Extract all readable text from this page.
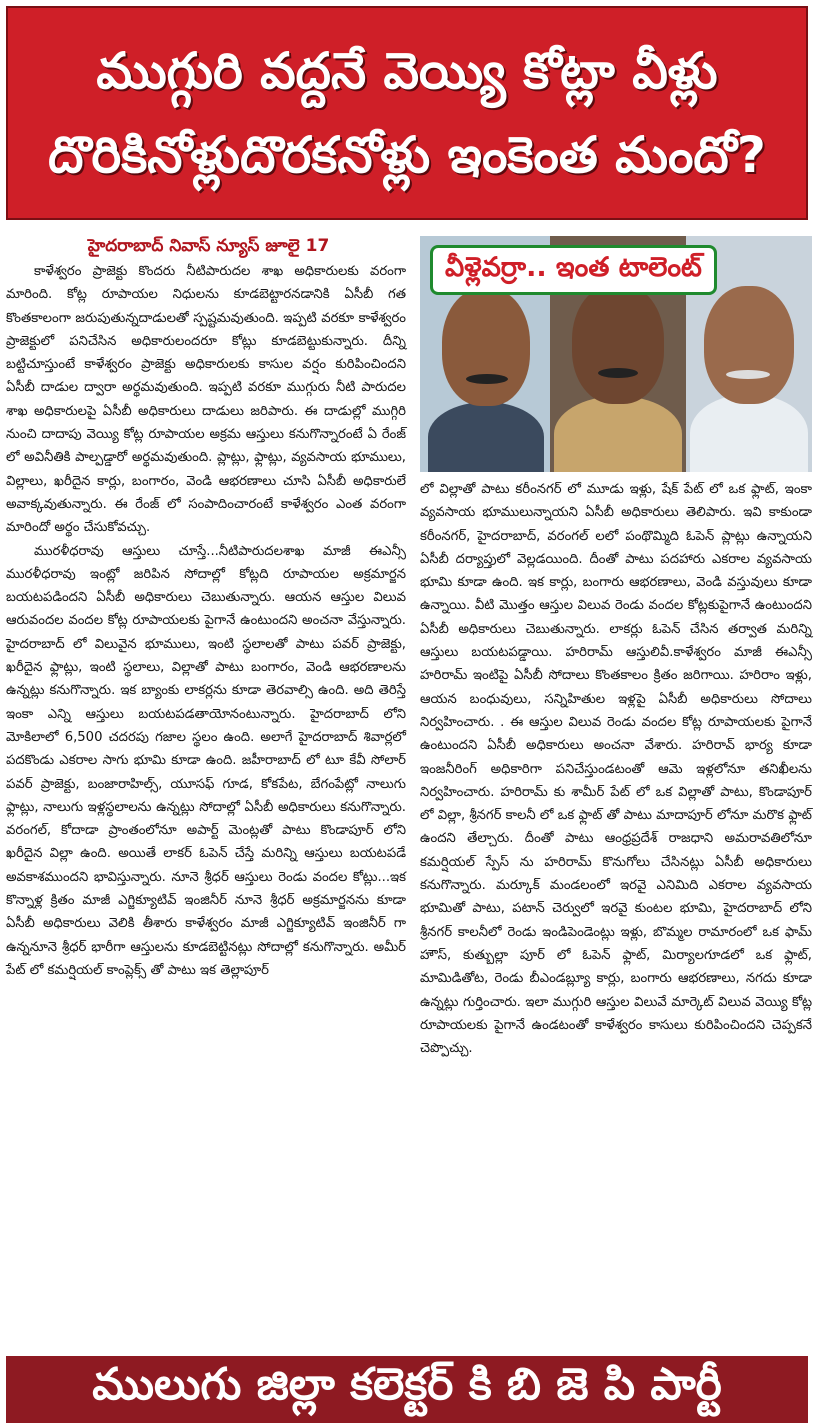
ముగ్గురి వద్దనే వెయ్యి కోట్లా వీళ్లు
దొరికినోళ్లుదొరకనోళ్లు ఇంకెంత మందో?
హైదరాబాద్ నివాస్ న్యూస్ జూలై 17

కాళేశ్వరం ప్రాజెక్టు కొందరు నీటిపారుదల శాఖ అధికారులకు వరంగా మారింది. కోట్ల రూపాయల నిధులను కూడబెట్టారనడానికి ఏసీబీ గత కొంతకాలంగా జరుపుతున్నదాడులతో స్పష్టమవుతుంది. ఇప్పటి వరకూ కాళేశ్వరం ప్రాజెక్టులో పనిచేసిన అధికారులందరూ కోట్లు కూడబెట్టుకున్నారు. దీన్ని బట్టిచూస్తుంటే కాళేశ్వరం ప్రాజెక్టు అధికారులకు కాసుల వర్షం కురిపించిందని ఏసీబీ దాడుల ద్వారా అర్థమవుతుంది. ఇప్పటి వరకూ ముగ్గురు నీటి పారుదల శాఖ అధికారులపై ఏసీబీ అధికారులు దాడులు జరిపారు. ఈ దాడుల్లో ముగ్గిరి నుంచి దాదాపు వెయ్యి కోట్ల రూపాయల అక్రమ ఆస్తులు కనుగొన్నారంటే ఏ రేంజ్ లో అవినీతికి పాల్పడ్డారో అర్థమవుతుంది. ప్లాట్లు, ఫ్లాట్లు, వ్యవసాయ భూములు, విల్లాలు, ఖరీదైన కార్లు, బంగారం, వెండి ఆభరణాలు చూసి ఏసీబీ అధికారులే అవాక్కవుతున్నారు. ఈ రేంజ్ లో సంపాదించారంటే కాళేశ్వరం ఎంత వరంగా మారిందో అర్థం చేసుకోవచ్చు.

మురళీధరావు ఆస్తులు చూస్తే...నీటిపారుదలశాఖ మాజీ ఈఎన్సీ మురళీధరావు ఇంట్లో జరిపిన సోదాల్లో కోట్లది రూపాయల అక్రమార్జన బయటపడిందని ఏసీబీ అధికారులు చెబుతున్నారు. ఆయన ఆస్తుల విలువ ఆరువందల వందల కోట్ల రూపాయలకు పైగానే ఉంటుందని అంచనా వేస్తున్నారు. హైదరాబాద్ లో విలువైన భూములు, ఇంటి స్థలాలతో పాటు పవర్ ప్రాజెక్టు, ఖరీదైన ఫ్లాట్లు, ఇంటి స్థలాలు, విల్లాతో పాటు బంగారం, వెండి ఆభరణాలను ఉన్నట్లు కనుగొన్నారు. ఇక బ్యాంకు లాకర్లను కూడా తెరవాల్సి ఉంది. అది తెరిస్తే ఇంకా ఎన్ని ఆస్తులు బయటపడతాయోనంటున్నారు. హైదరాబాద్ లోని మోకిలాలో 6,500 చదరపు గజాల స్థలం ఉంది. అలాగే హైదరాబాద్ శివార్లలో పదకొండు ఎకరాల సాగు భూమి కూడా ఉంది. జహీరాబాద్ లో టూ కేవీ సోలార్ పవర్ ప్రాజెక్టు, బంజారాహిల్స్, యూసఫ్ గూడ, కోకపేట, బేగంపేట్లో నాలుగు ఫ్లాట్లు, నాలుగు ఇళ్లస్థలాలను ఉన్నట్లు సోదాల్లో ఏసీబీ అధికారులు కనుగొన్నారు. వరంగల్, కోదాడా ప్రాంతంలోనూ అపార్ట్ మెంట్లతో పాటు కొండాపూర్ లోని ఖరీదైన విల్లా ఉంది. అయితే లాకర్ ఓపెన్ చేస్తే మరిన్ని ఆస్తులు బయటపడే అవకాశముందని భావిస్తున్నారు. నూనె శ్రీధర్ ఆస్తులు రెండు వందల కోట్లు...ఇక కొన్నాళ్ల క్రితం మాజీ ఎగ్జిక్యూటివ్ ఇంజినీర్ నూనె శ్రీధర్ అక్రమార్జనను కూడా ఏసీబీ అధికారులు వెలికి తీశారు కాళేశ్వరం మాజీ ఎగ్జిక్యూటివ్ ఇంజినీర్ గా ఉన్ననూనె శ్రీధర్ భారీగా ఆస్తులను కూడబెట్టినట్లు సోదాల్లో కనుగొన్నారు. అమీర్ పేట్ లో కమర్షియల్ కాంప్లెక్స్ తో పాటు ఇక తెల్లాపూర్

వీళ్లెవర్రా.. ఇంత టాలెంట్

లో విల్లాతో పాటు కరీంనగర్ లో మూడు ఇళ్లు, షేక్ పేట్ లో ఒక ఫ్లాట్, ఇంకా వ్యవసాయ భూములున్నాయని ఏసీబీ అధికారులు తెలిపారు. ఇవి కాకుండా కరీంనగర్, హైదరాబాద్, వరంగల్ లలో పంథొమ్మిది ఓపెన్ ప్లాట్లు ఉన్నాయని ఏసీబీ దర్యాప్తులో వెల్లడయింది. దీంతో పాటు పదహారు ఎకరాల వ్యవసాయ భూమి కూడా ఉంది. ఇక కార్లు, బంగారు ఆభరణాలు, వెండి వస్తువులు కూడా ఉన్నాయి. వీటి మొత్తం ఆస్తుల విలువ రెండు వందల కోట్లకుపైగానే ఉంటుందని ఏసీబీ అధికారులు చెబుతున్నారు. లాకర్లు ఓపెన్ చేసిన తర్వాత మరిన్ని ఆస్తులు బయటపడ్డాయి. హరిరామ్ ఆస్తులివీ.కాళేశ్వరం మాజీ ఈఎన్సీ హరిరామ్ ఇంటిపై ఏసీబీ సోదాలు కొంతకాలం క్రితం జరిగాయి. హరిరాం ఇళ్లు, ఆయన బంధువులు, సన్నిహితుల ఇళ్లపై ఏసీబీ అధికారులు సోదాలు నిర్వహించారు. . ఈ ఆస్తుల విలువ రెండు వందల కోట్ల రూపాయలకు పైగానే ఉంటుందని ఏసీబీ అధికారులు అంచనా వేశారు. హరిరావ్ భార్య కూడా ఇంజనీరింగ్ అధికారిగా పనిచేస్తుండటంతో ఆమె ఇళ్లలోనూ తనిఖీలను నిర్వహించారు. హరిరామ్ కు శామీర్ పేట్ లో ఒక విల్లాతో పాటు, కొండాపూర్ లో విల్లా, శ్రీనగర్ కాలనీ లో ఒక ఫ్లాట్ తో పాటు మాదాపూర్ లోనూ మరొక ఫ్లాట్ ఉందని తేల్చారు. దీంతో పాటు ఆంధ్రప్రదేశ్ రాజధాని అమరావతిలోనూ కమర్షియల్ స్పేస్ ను హరిరామ్ కొనుగోలు చేసినట్లు ఏసీబీ అధికారులు కనుగొన్నారు. మర్కూక్ మండలంలో ఇరవై ఎనిమిది ఎకరాల వ్యవసాయ భూమితో పాటు, పటాన్ చెర్వులో ఇరవై కుంటల భూమి, హైదరాబాద్ లోని శ్రీనగర్ కాలనీలో రెండు ఇండిపెండెంట్లు ఇళ్లు, బొమ్మల రామారంలో ఒక ఫామ్ హౌస్, కుత్బుల్లా పూర్ లో ఓపెన్ ఫ్లాట్, మిర్యాలగూడలో ఒక ఫ్లాట్, మామిడితోట, రెండు బీఎండబ్ల్యూ కార్లు, బంగారు ఆభరణాలు, నగదు కూడా ఉన్నట్లు గుర్తించారు. ఇలా ముగ్గురి ఆస్తుల విలువే మార్కెట్ విలువ వెయ్యి కోట్ల రూపాయలకు పైగానే ఉండటంతో కాళేశ్వరం కాసులు కురిపించిందని చెప్పకనే చెప్పొచ్చు.

ములుగు జిల్లా కలెక్టర్ కి బి జె పి పార్టీ
